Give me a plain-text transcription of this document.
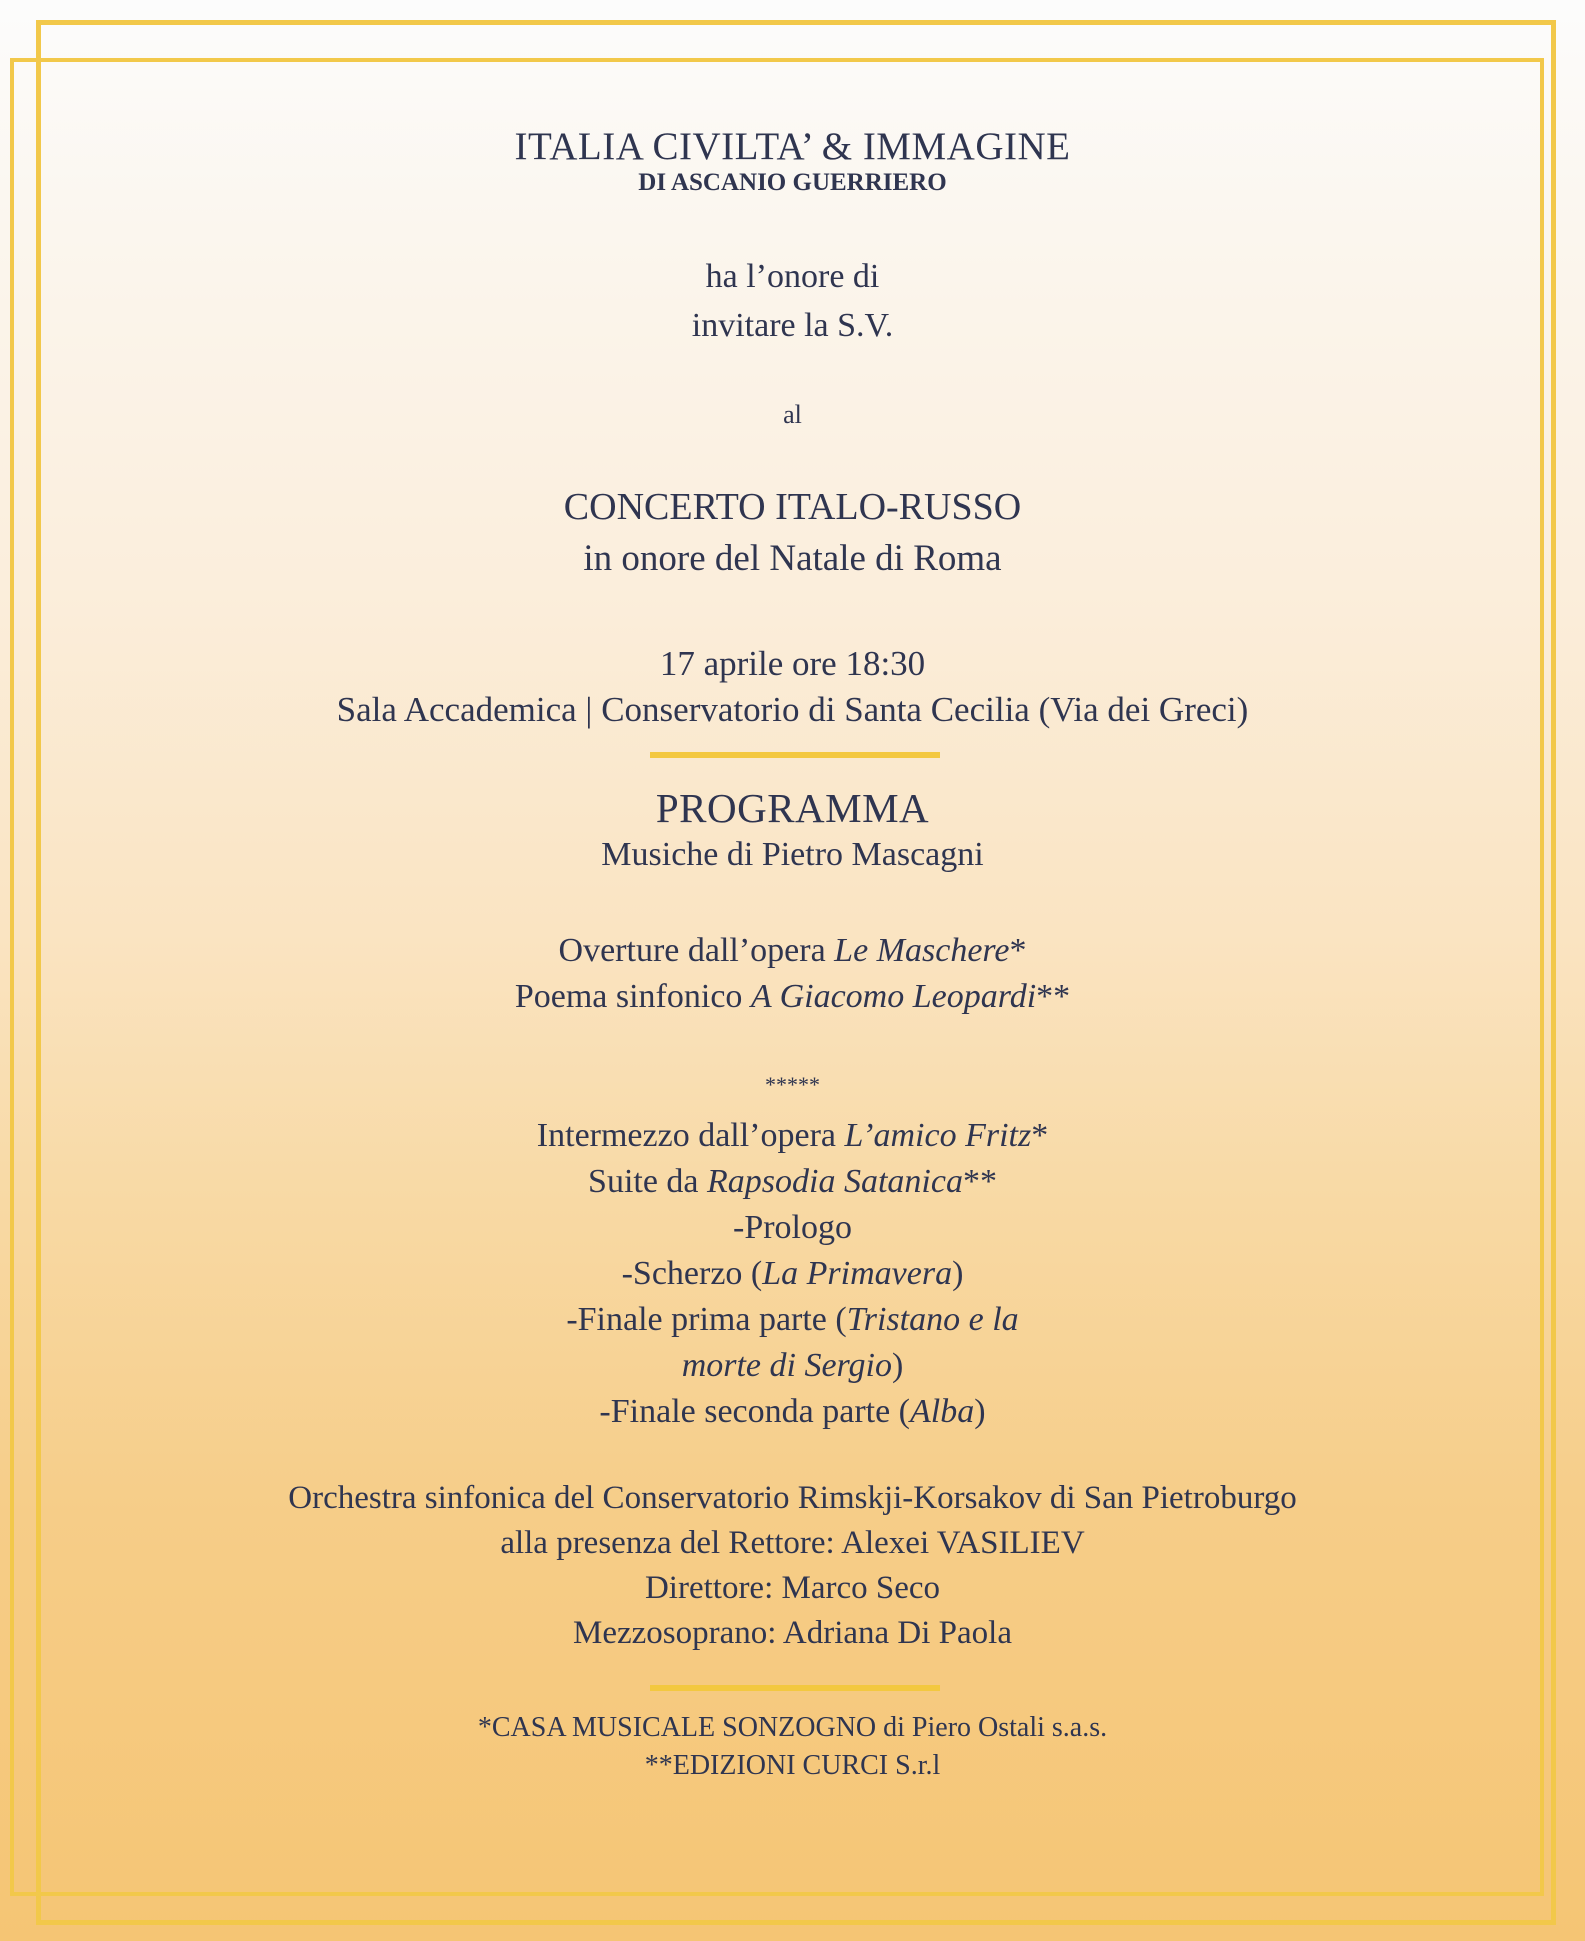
ITALIA CIVILTA’ & IMMAGINE
DI ASCANIO GUERRIERO
ha l’onore di
invitare la S.V.
al
CONCERTO ITALO-RUSSO
in onore del Natale di Roma
17 aprile ore 18:30
Sala Accademica | Conservatorio di Santa Cecilia (Via dei Greci)
PROGRAMMA
Musiche di Pietro Mascagni
Overture dall’opera Le Maschere*
Poema sinfonico A Giacomo Leopardi**
*****
Intermezzo dall’opera L’amico Fritz*
Suite da Rapsodia Satanica**
-Prologo
-Scherzo (La Primavera)
-Finale prima parte (Tristano e la
morte di Sergio)
-Finale seconda parte (Alba)
Orchestra sinfonica del Conservatorio Rimskji-Korsakov di San Pietroburgo
alla presenza del Rettore: Alexei VASILIEV
Direttore: Marco Seco
Mezzosoprano: Adriana Di Paola
*CASA MUSICALE SONZOGNO di Piero Ostali s.a.s.
**EDIZIONI CURCI S.r.l
